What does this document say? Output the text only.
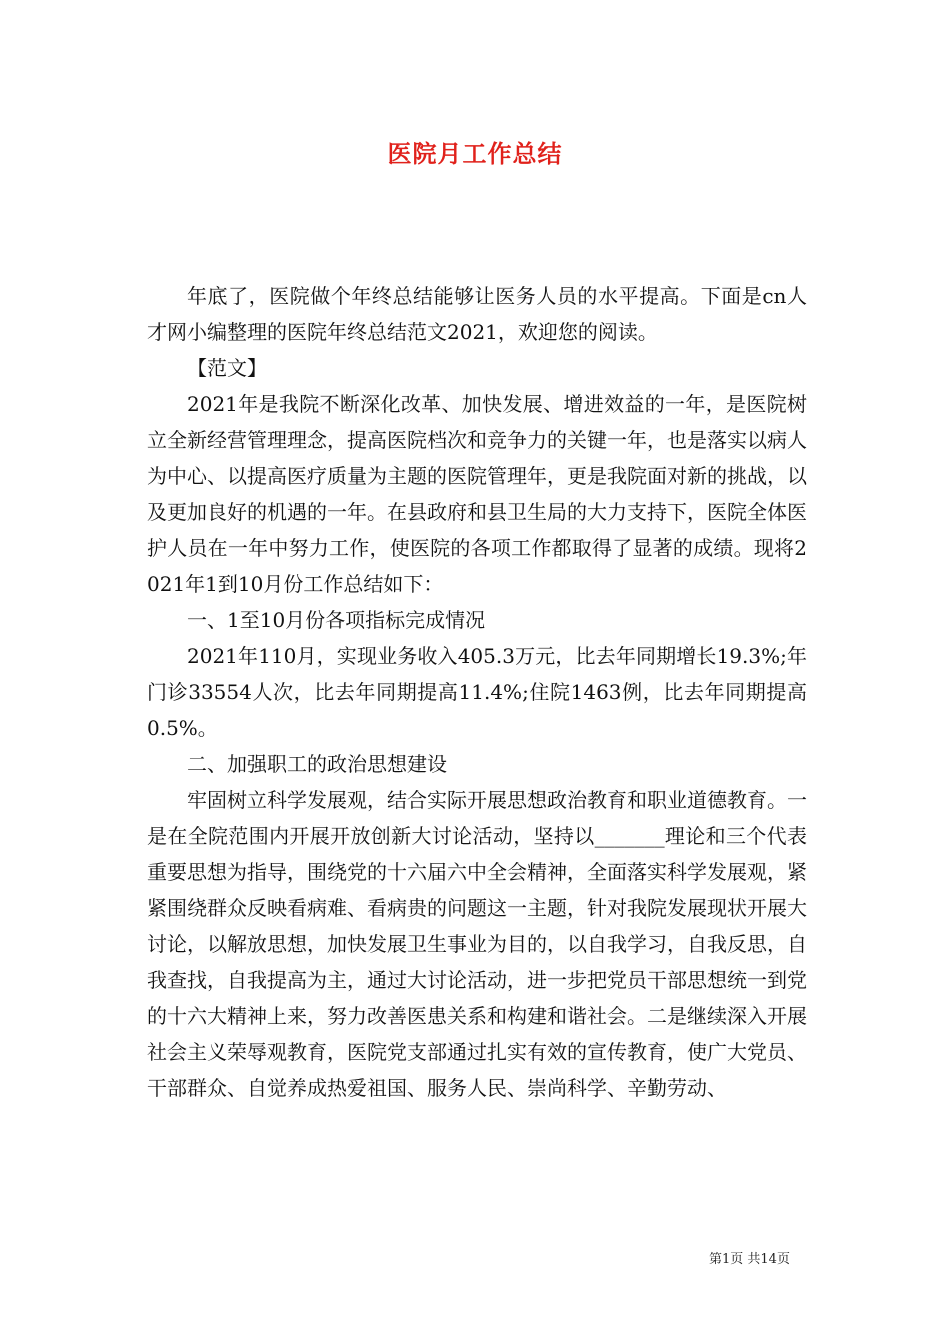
医院月工作总结

年底了，医院做个年终总结能够让医务人员的水平提高。下面是cn人才网小编整理的医院年终总结范文2021，欢迎您的阅读。

【范文】

2021年是我院不断深化改革、加快发展、增进效益的一年，是医院树立全新经营管理理念，提高医院档次和竞争力的关键一年，也是落实以病人为中心、以提高医疗质量为主题的医院管理年，更是我院面对新的挑战，以及更加良好的机遇的一年。在县政府和县卫生局的大力支持下，医院全体医护人员在一年中努力工作，使医院的各项工作都取得了显著的成绩。现将2021年1到10月份工作总结如下：

一、1至10月份各项指标完成情况

2021年110月，实现业务收入405.3万元，比去年同期增长19.3%;年门诊33554人次，比去年同期提高11.4%;住院1463例，比去年同期提高0.5%。

二、加强职工的政治思想建设

牢固树立科学发展观，结合实际开展思想政治教育和职业道德教育。一是在全院范围内开展开放创新大讨论活动，坚持以_______理论和三个代表重要思想为指导，围绕党的十六届六中全会精神，全面落实科学发展观，紧紧围绕群众反映看病难、看病贵的问题这一主题，针对我院发展现状开展大讨论，以解放思想，加快发展卫生事业为目的，以自我学习，自我反思，自我查找，自我提高为主，通过大讨论活动，进一步把党员干部思想统一到党的十六大精神上来，努力改善医患关系和构建和谐社会。二是继续深入开展社会主义荣辱观教育，医院党支部通过扎实有效的宣传教育，使广大党员、干部群众、自觉养成热爱祖国、服务人民、崇尚科学、辛勤劳动、

第1页 共14页
